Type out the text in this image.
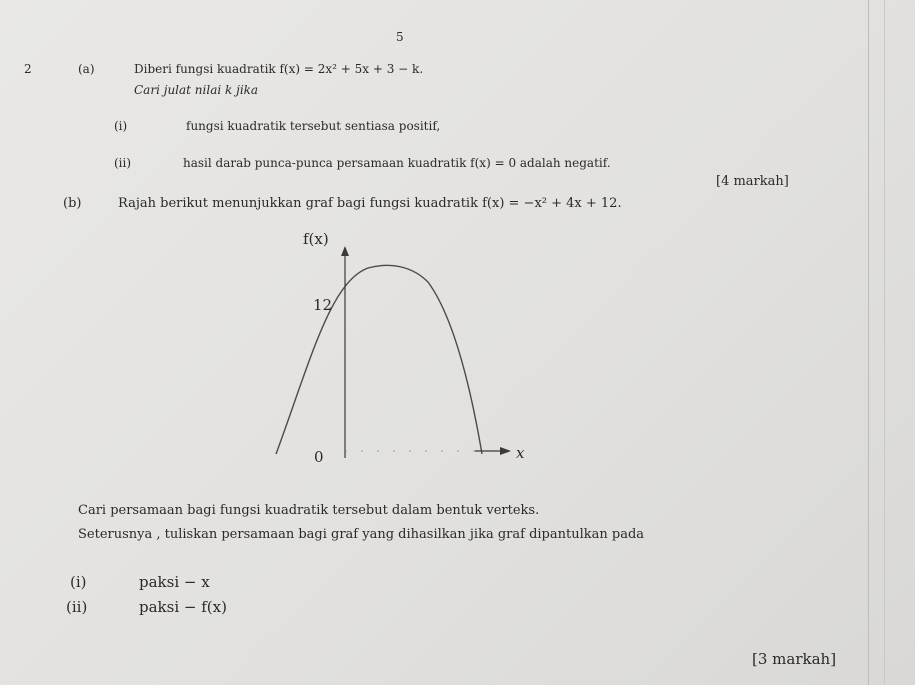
5
2	(a)	Diberi fungsi kuadratik f(x) = 2x² + 5x + 3 − k.
Cari julat nilai k jika
(i)	fungsi kuadratik tersebut sentiasa positif,
(ii)	hasil darab punca-punca persamaan kuadratik f(x) = 0 adalah negatif.
[4 markah]
(b)	Rajah berikut menunjukkan graf bagi fungsi kuadratik f(x) = −x² + 4x + 12.
f(x)
12
0	x
Cari persamaan bagi fungsi kuadratik tersebut dalam bentuk verteks.
Seterusnya , tuliskan persamaan bagi graf yang dihasilkan jika graf dipantulkan pada
(i)	paksi − x
(ii)	paksi − f(x)
[3 markah]
